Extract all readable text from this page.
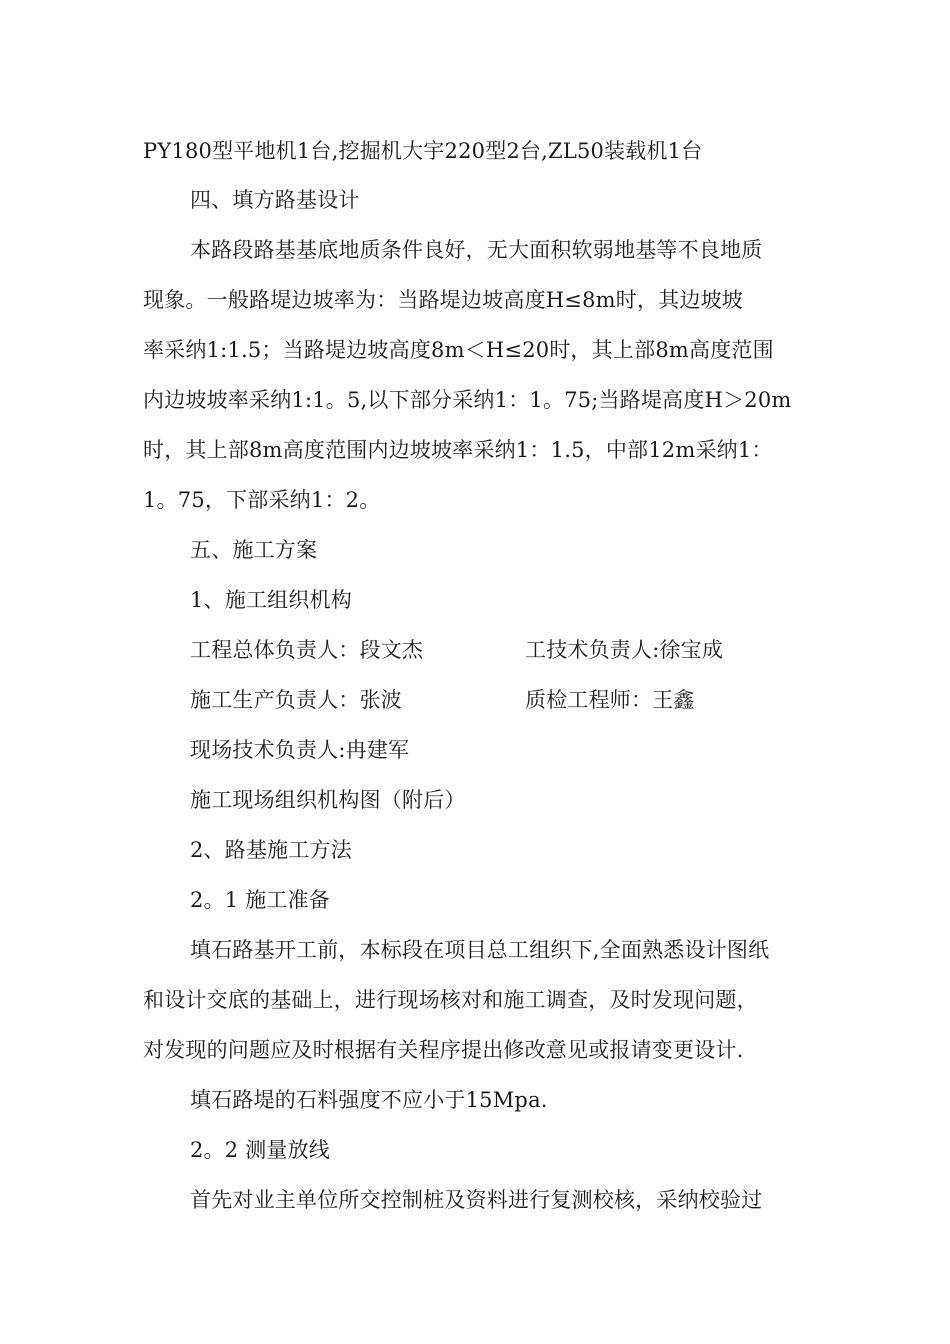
PY180型平地机1台,挖掘机大宇220型2台,ZL50装载机1台
四、填方路基设计
本路段路基基底地质条件良好，无大面积软弱地基等不良地质
现象。一般路堤边坡率为：当路堤边坡高度H≤8m时，其边坡坡
率采纳1:1.5；当路堤边坡高度8m＜H≤20时，其上部8m高度范围
内边坡坡率采纳1:1。5,以下部分采纳1：1。75;当路堤高度H＞20m
时，其上部8m高度范围内边坡坡率采纳1：1.5，中部12m采纳1：
1。75，下部采纳1：2。
五、施工方案
1、施工组织机构
工程总体负责人：段文杰	工技术负责人:徐宝成
施工生产负责人：张波	质检工程师：王鑫
现场技术负责人:冉建军
施工现场组织机构图（附后）
2、路基施工方法
2。1 施工准备
填石路基开工前，本标段在项目总工组织下,全面熟悉设计图纸
和设计交底的基础上，进行现场核对和施工调查，及时发现问题，
对发现的问题应及时根据有关程序提出修改意见或报请变更设计.
填石路堤的石料强度不应小于15Mpa.
2。2 测量放线
首先对业主单位所交控制桩及资料进行复测校核，采纳校验过
